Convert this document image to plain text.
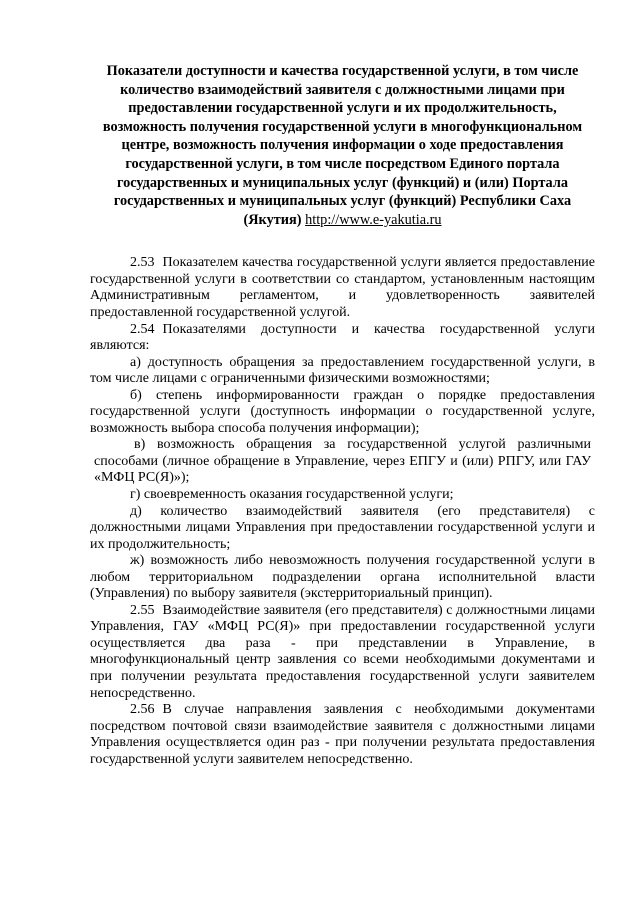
Показатели доступности и качества государственной услуги, в том числе количество взаимодействий заявителя с должностными лицами при предоставлении государственной услуги и их продолжительность, возможность получения государственной услуги в многофункциональном центре, возможность получения информации о ходе предоставления государственной услуги, в том числе посредством Единого портала государственных и муниципальных услуг (функций) и (или) Портала государственных и муниципальных услуг (функций) Республики Саха (Якутия) http://www.e-yakutia.ru

2.53 Показателем качества государственной услуги является предоставление государственной услуги в соответствии со стандартом, установленным настоящим Административным регламентом, и удовлетворенность заявителей предоставленной государственной услугой.

2.54 Показателями доступности и качества государственной услуги являются:

а) доступность обращения за предоставлением государственной услуги, в том числе лицами с ограниченными физическими возможностями;

б) степень информированности граждан о порядке предоставления государственной услуги (доступность информации о государственной услуге, возможность выбора способа получения информации);

в) возможность обращения за государственной услугой различными способами (личное обращение в Управление, через ЕПГУ и (или) РПГУ, или ГАУ «МФЦ РС(Я)»);

г) своевременность оказания государственной услуги;

д) количество взаимодействий заявителя (его представителя) с должностными лицами Управления при предоставлении государственной услуги и их продолжительность;

ж) возможность либо невозможность получения государственной услуги в любом территориальном подразделении органа исполнительной власти (Управления) по выбору заявителя (экстерриториальный принцип).

2.55 Взаимодействие заявителя (его представителя) с должностными лицами Управления, ГАУ «МФЦ РС(Я)» при предоставлении государственной услуги осуществляется два раза - при представлении в Управление, в многофункциональный центр заявления со всеми необходимыми документами и при получении результата предоставления государственной услуги заявителем непосредственно.

2.56 В случае направления заявления с необходимыми документами посредством почтовой связи взаимодействие заявителя с должностными лицами Управления осуществляется один раз - при получении результата предоставления государственной услуги заявителем непосредственно.
